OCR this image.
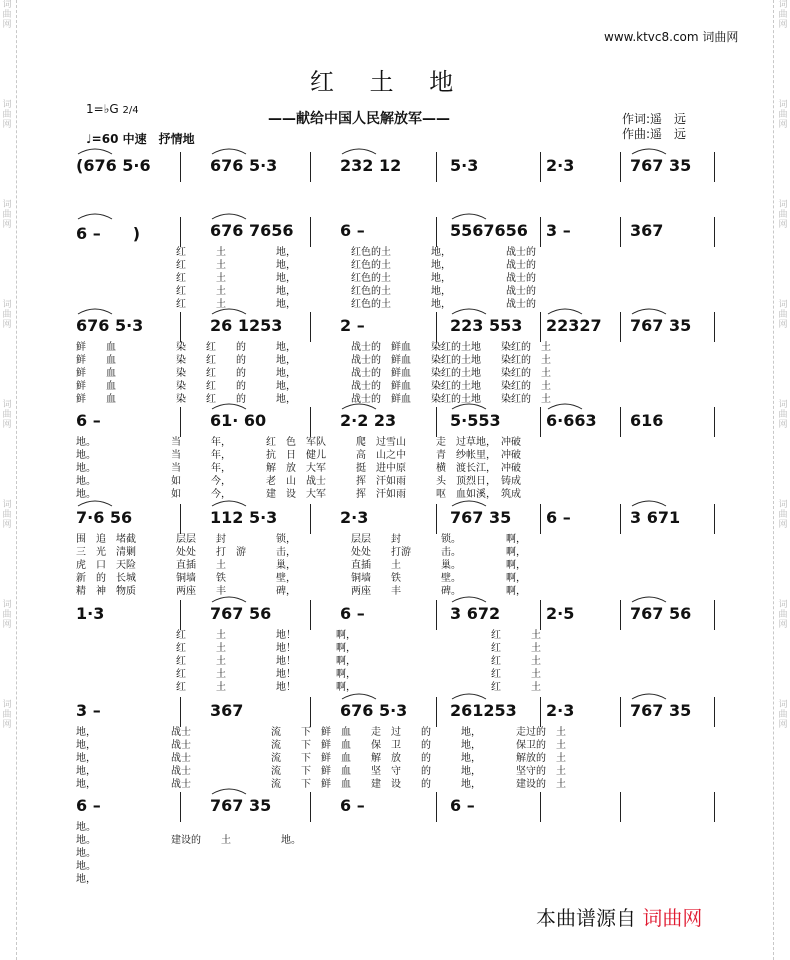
词
曲
网

词
曲
网

词
曲
网

词
曲
网

词
曲
网

词
曲
网

词
曲
网

词
曲
网

词
曲
网

词
曲
网

词
曲
网

词
曲
网

词
曲
网

词
曲
网

词
曲
网

词
曲
网

www.ktvc8.com 词曲网
红 土 地
——献给中国人民解放军——	作词:遥　远
作曲:遥　远
1=♭G 2/4
♩=60 中速　抒情地
(676 5·6	676 5·3	232 12	5·3	2·3	767 35
6 –　　)	676 7656	6 –	5567656 3 –	367
　　　　　　　　　　红　　　土　　　　　地，　　　　　　红色的土　　　　地，　　　　　　战士的
　　　　　　　　　　红　　　土　　　　　地，　　　　　　红色的土　　　　地，　　　　　　战士的
　　　　　　　　　　红　　　土　　　　　地，　　　　　　红色的土　　　　地，　　　　　　战士的
　　　　　　　　　　红　　　土　　　　　地，　　　　　　红色的土　　　　地，　　　　　　战士的
　　　　　　　　　　红　　　土　　　　　地，　　　　　　红色的土　　　　地，　　　　　　战士的
676 5·3	26 1253	2 –	223 553 22327 767 35
鲜　　血　　　　　　染　　红　　的　　　地，　　　　　　战士的　鲜血　　染红的土地　　染红的　土
鲜　　血　　　　　　染　　红　　的　　　地，　　　　　　战士的　鲜血　　染红的土地　　染红的　土
鲜　　血　　　　　　染　　红　　的　　　地，　　　　　　战士的　鲜血　　染红的土地　　染红的　土
鲜　　血　　　　　　染　　红　　的　　　地，　　　　　　战士的　鲜血　　染红的土地　　染红的　土
鲜　　血　　　　　　染　　红　　的　　　地，　　　　　　战士的　鲜血　　染红的土地　　染红的　土
6 –	61· 60	2·2 23	5·553	6·663 616
地。　　　　　　　　当　　　年，　　　　红　色　军队　　　爬　过雪山　　　走　过草地，　冲破
地。　　　　　　　　当　　　年，　　　　抗　日　健儿　　　高　山之中　　　青　纱帐里，　冲破
地。　　　　　　　　当　　　年，　　　　解　放　大军　　　挺　进中原　　　横　渡长江，　冲破
地。　　　　　　　　如　　　今，　　　　老　山　战士　　　挥　汗如雨　　　头　顶烈日，　铸成
地。　　　　　　　　如　　　今，　　　　建　设　大军　　　挥　汗如雨　　　呕　血如溪，　筑成
7·6 56	112 5·3	2·3	767 35 6 –	3 671
围　追　堵截　　　　层层　　封　　　　　锁，　　　　　　层层　　封　　　　锁。　　　　　啊，
三　光　清剿　　　　处处　　打　游　　　击，　　　　　　处处　　打游　　　击。　　　　　啊，
虎　口　天险　　　　直插　　土　　　　　巢，　　　　　　直插　　土　　　　巢。　　　　　啊，
新　的　长城　　　　铜墙　　铁　　　　　壁，　　　　　　铜墙　　铁　　　　壁。　　　　　啊，
精　神　物质　　　　两座　　丰　　　　　碑，　　　　　　两座　　丰　　　　碑。　　　　　啊，
1·3	767 56	6 –	3 672	2·5	767 56
　　　　　　　　　　红　　　土　　　　　地！　　　　啊，　　　　　　　　　　　　　　红　　　土
　　　　　　　　　　红　　　土　　　　　地！　　　　啊，　　　　　　　　　　　　　　红　　　土
　　　　　　　　　　红　　　土　　　　　地！　　　　啊，　　　　　　　　　　　　　　红　　　土
　　　　　　　　　　红　　　土　　　　　地！　　　　啊，　　　　　　　　　　　　　　红　　　土
　　　　　　　　　　红　　　土　　　　　地！　　　　啊，　　　　　　　　　　　　　　红　　　土
3 –	367	676 5·3	261253 2·3	767 35
地，　　　　　　　　战士　　　　　　　　流　　下　鲜　血　　走　过　　的　　　地，　　　　走过的　土
地，　　　　　　　　战士　　　　　　　　流　　下　鲜　血　　保　卫　　的　　　地，　　　　保卫的　土
地，　　　　　　　　战士　　　　　　　　流　　下　鲜　血　　解　放　　的　　　地，　　　　解放的　土
地，　　　　　　　　战士　　　　　　　　流　　下　鲜　血　　坚　守　　的　　　地，　　　　坚守的　土
地，　　　　　　　　战士　　　　　　　　流　　下　鲜　血　　建　设　　的　　　地，　　　　建设的　土
6 –	767 35	6 –	6 –
地。
地。　　　　　　　　建设的　　土　　　　　地。
地。
地。
地，
本曲谱源自 词曲网
